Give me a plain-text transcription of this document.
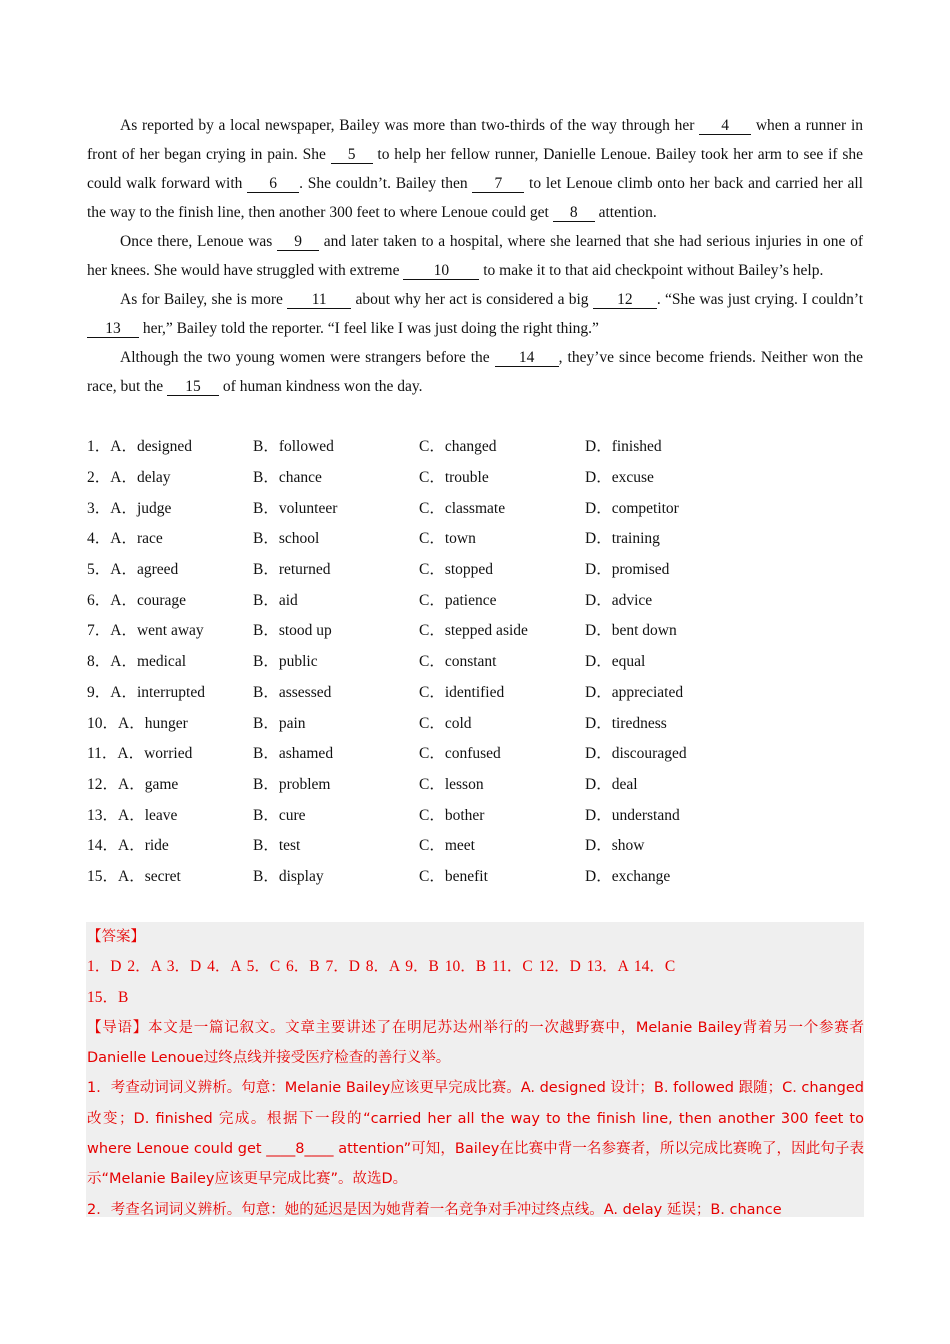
As reported by a local newspaper, Bailey was more than two-thirds of the way through her 4 when a runner in front of her began crying in pain. She 5 to help her fellow runner, Danielle Lenoue. Bailey took her arm to see if she could walk forward with 6 . She couldn’t. Bailey then 7 to let Lenoue climb onto her back and carried her all the way to the finish line, then another 300 feet to where Lenoue could get 8 attention.

Once there, Lenoue was 9 and later taken to a hospital, where she learned that she had serious injuries in one of her knees. She would have struggled with extreme 10 to make it to that aid checkpoint without Bailey’s help.

As for Bailey, she is more 11 about why her act is considered a big 12 . “She was just crying. I couldn’t 13 her,” Bailey told the reporter. “I feel like I was just doing the right thing.”

Although the two young women were strangers before the 14 , they’ve since become friends. Neither won the race, but the 15 of human kindness won the day.

1．A．designed	B．followed	C．changed	D．finished
2．A．delay	B．chance	C．trouble	D．excuse
3．A．judge	B．volunteer	C．classmate	D．competitor
4．A．race	B．school	C．town	D．training
5．A．agreed	B．returned	C．stopped	D．promised
6．A．courage	B．aid	C．patience	D．advice
7．A．went away	B．stood up	C．stepped aside	D．bent down
8．A．medical	B．public	C．constant	D．equal
9．A．interrupted	B．assessed	C．identified	D．appreciated
10．A．hunger	B．pain	C．cold	D．tiredness
11．A．worried	B．ashamed	C．confused	D．discouraged
12．A．game	B．problem	C．lesson	D．deal
13．A．leave	B．cure	C．bother	D．understand
14．A．ride	B．test	C．meet	D．show
15．A．secret	B．display	C．benefit	D．exchange
【答案】
1．D 2．A 3．D 4．A 5．C 6．B 7．D 8．A 9．B 10．B 11．C 12．D 13．A 14．C
15．B
【导语】本文是一篇记叙文。文章主要讲述了在明尼苏达州举行的一次越野赛中，Melanie Bailey背着另一个参赛者Danielle Lenoue过终点线并接受医疗检查的善行义举。
1．考查动词词义辨析。句意：Melanie Bailey应该更早完成比赛。A. designed 设计；B. followed 跟随；C. changed 改变；D. finished 完成。根据下一段的“carried her all the way to the finish line, then another 300 feet to where Lenoue could get ____8____ attention”可知，Bailey在比赛中背一名参赛者，所以完成比赛晚了，因此句子表示“Melanie Bailey应该更早完成比赛”。故选D。
2．考查名词词义辨析。句意：她的延迟是因为她背着一名竞争对手冲过终点线。A. delay 延误；B. chance
